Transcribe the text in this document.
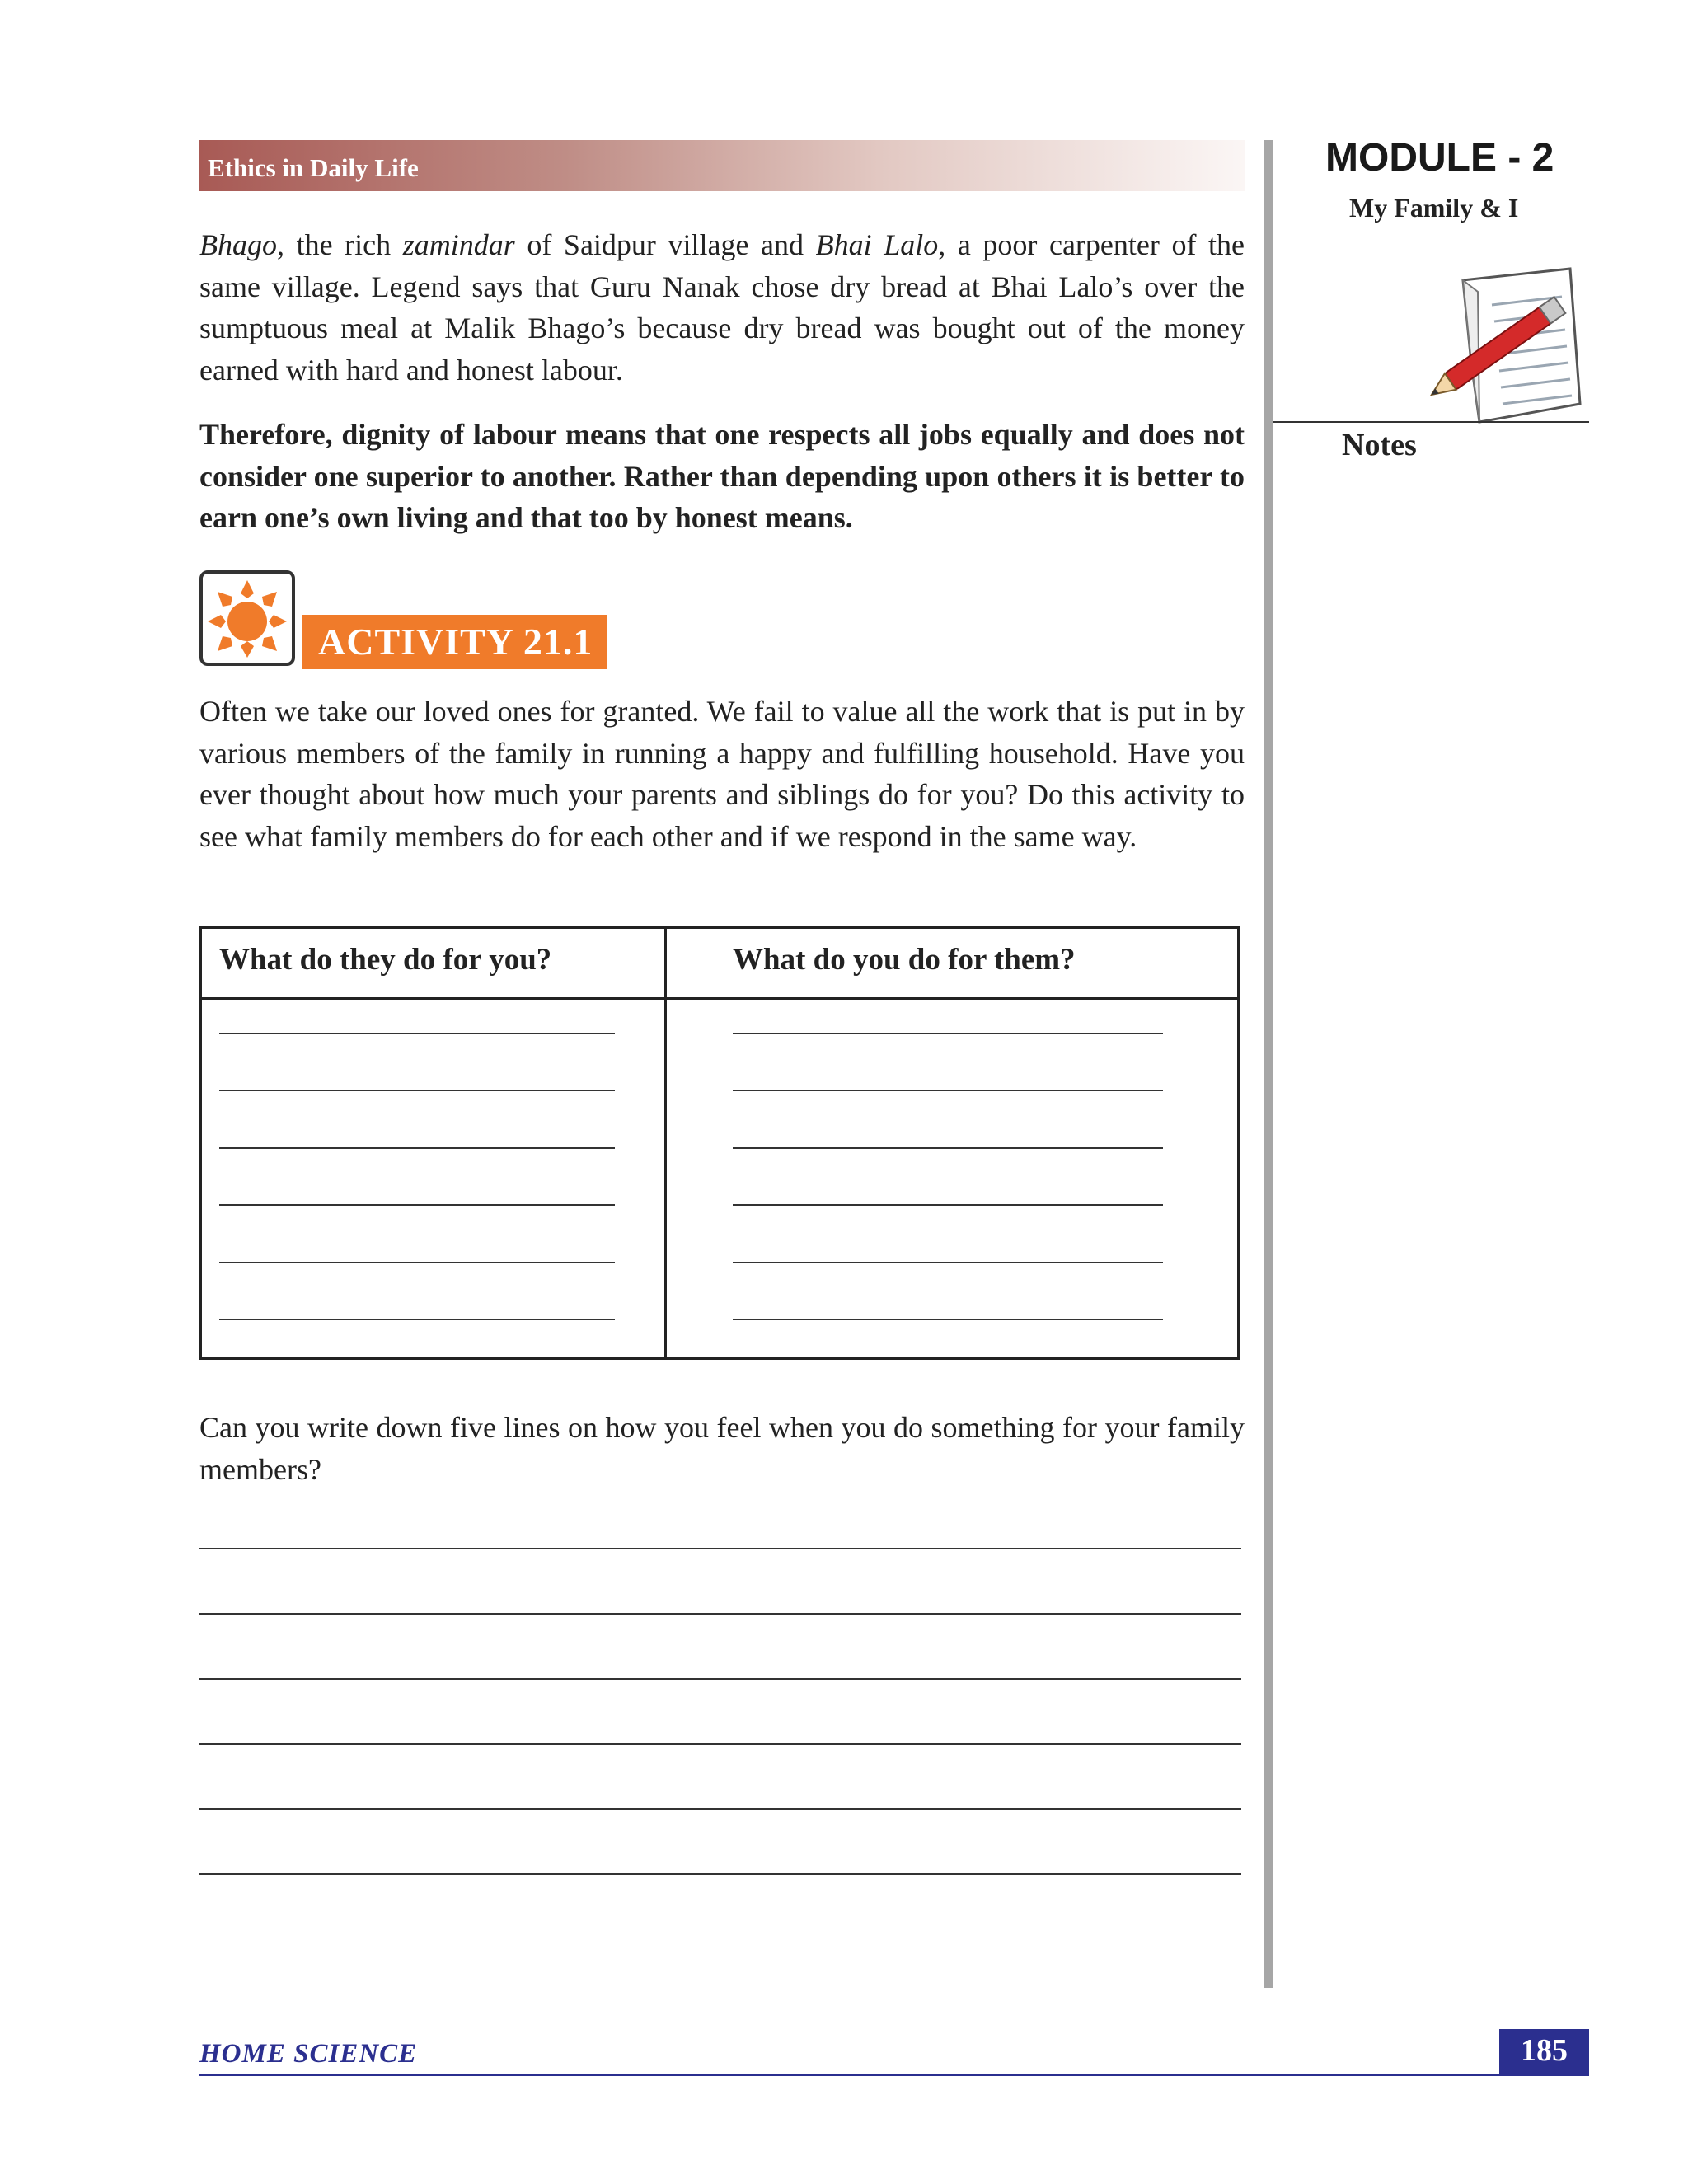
Ethics in Daily Life	MODULE - 2
My Family & I
Notes

Bhago, the rich zamindar of Saidpur village and Bhai Lalo, a poor carpenter of the same village. Legend says that Guru Nanak chose dry bread at Bhai Lalo’s over the sumptuous meal at Malik Bhago’s because dry bread was bought out of the money earned with hard and honest labour.

Therefore, dignity of labour means that one respects all jobs equally and does not consider one superior to another. Rather than depending upon others it is better to earn one’s own living and that too by honest means.

ACTIVITY 21.1

Often we take our loved ones for granted. We fail to value all the work that is put in by various members of the family in running a happy and fulfilling household. Have you ever thought about how much your parents and siblings do for you? Do this activity to see what family members do for each other and if we respond in the same way.

What do they do for you?	What do you do for them?

Can you write down five lines on how you feel when you do something for your family members?

HOME SCIENCE	185
